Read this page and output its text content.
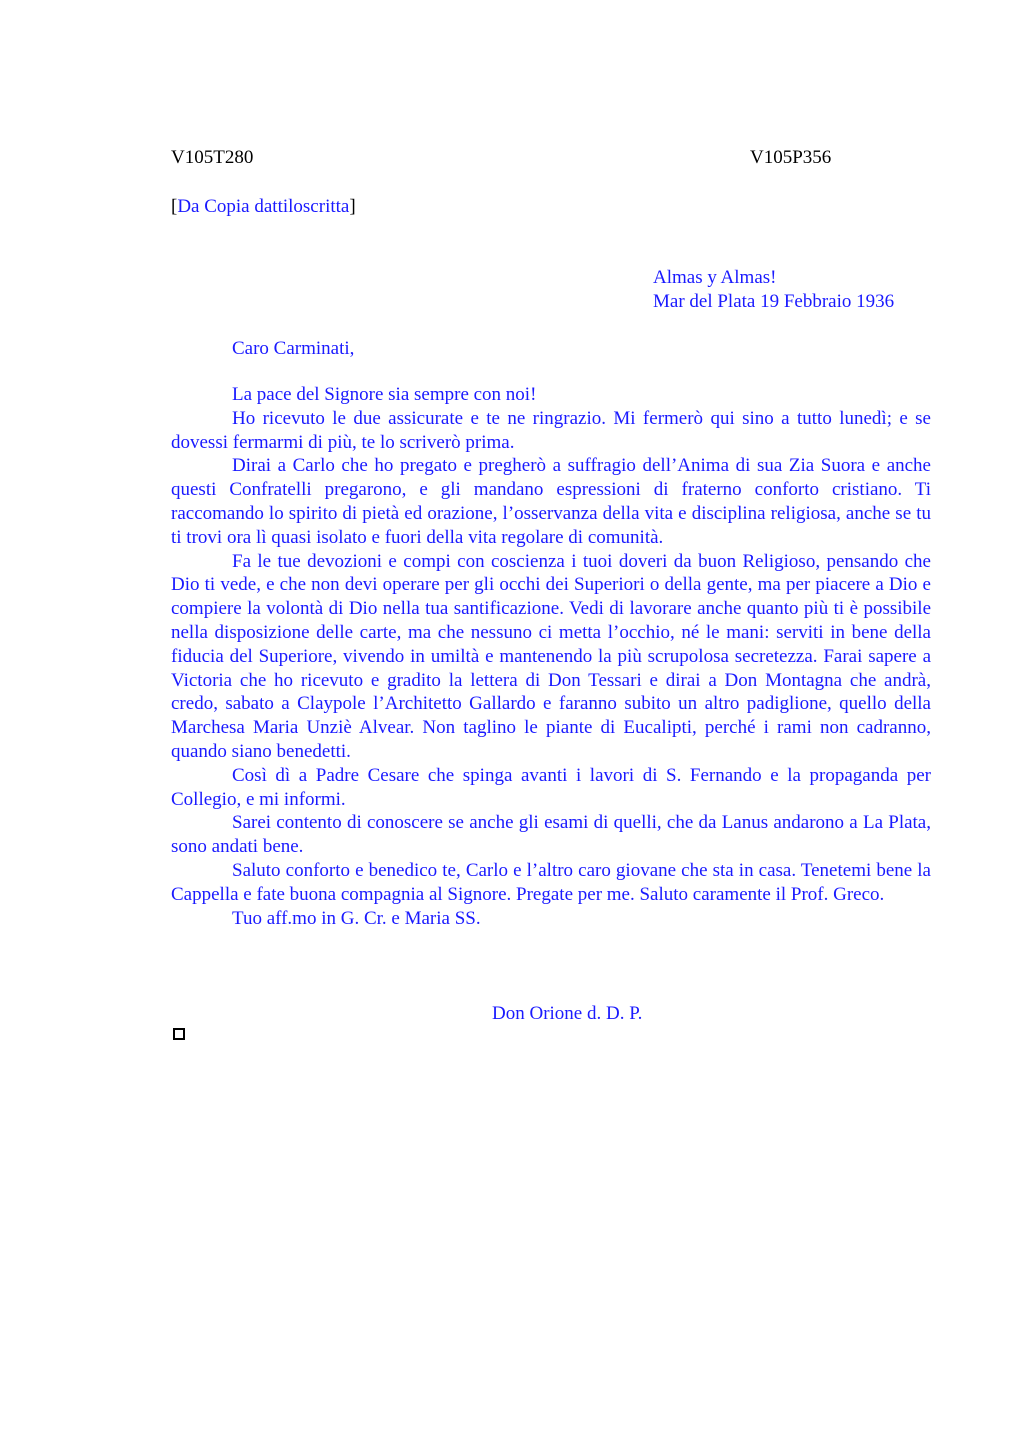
V105T280	V105P356
[Da Copia dattiloscritta]
Almas y Almas!
Mar del Plata 19 Febbraio 1936
Caro Carminati,

La pace del Signore sia sempre con noi!

Ho ricevuto le due assicurate e te ne ringrazio. Mi fermerò qui sino a tutto lunedì; e se dovessi fermarmi di più, te lo scriverò prima.

Dirai a Carlo che ho pregato e pregherò a suffragio dell’Anima di sua Zia Suora e anche questi Confratelli pregarono, e gli mandano espressioni di fraterno conforto cristiano. Ti raccomando lo spirito di pietà ed orazione, l’osservanza della vita e disciplina religiosa, anche se tu ti trovi ora lì quasi isolato e fuori della vita regolare di comunità.

Fa le tue devozioni e compi con coscienza i tuoi doveri da buon Religioso, pensando che Dio ti vede, e che non devi operare per gli occhi dei Superiori o della gente, ma per piacere a Dio e compiere la volontà di Dio nella tua santificazione. Vedi di lavorare anche quanto più ti è possibile nella disposizione delle carte, ma che nessuno ci metta l’occhio, né le mani: serviti in bene della fiducia del Superiore, vivendo in umiltà e mantenendo la più scrupolosa secretezza. Farai sapere a Victoria che ho ricevuto e gradito la lettera di Don Tessari e dirai a Don Montagna che andrà, credo, sabato a Claypole l’Architetto Gallardo e faranno subito un altro padiglione, quello della Marchesa Maria Unziè Alvear. Non taglino le piante di Eucalipti, perché i rami non cadranno, quando siano benedetti.

Così dì a Padre Cesare che spinga avanti i lavori di S. Fernando e la propaganda per Collegio, e mi informi.

Sarei contento di conoscere se anche gli esami di quelli, che da Lanus andarono a La Plata, sono andati bene.

Saluto conforto e benedico te, Carlo e l’altro caro giovane che sta in casa. Tenetemi bene la Cappella e fate buona compagnia al Signore. Pregate per me. Saluto caramente il Prof. Greco.

Tuo aff.mo in G. Cr. e Maria SS.

Don Orione d. D. P.
